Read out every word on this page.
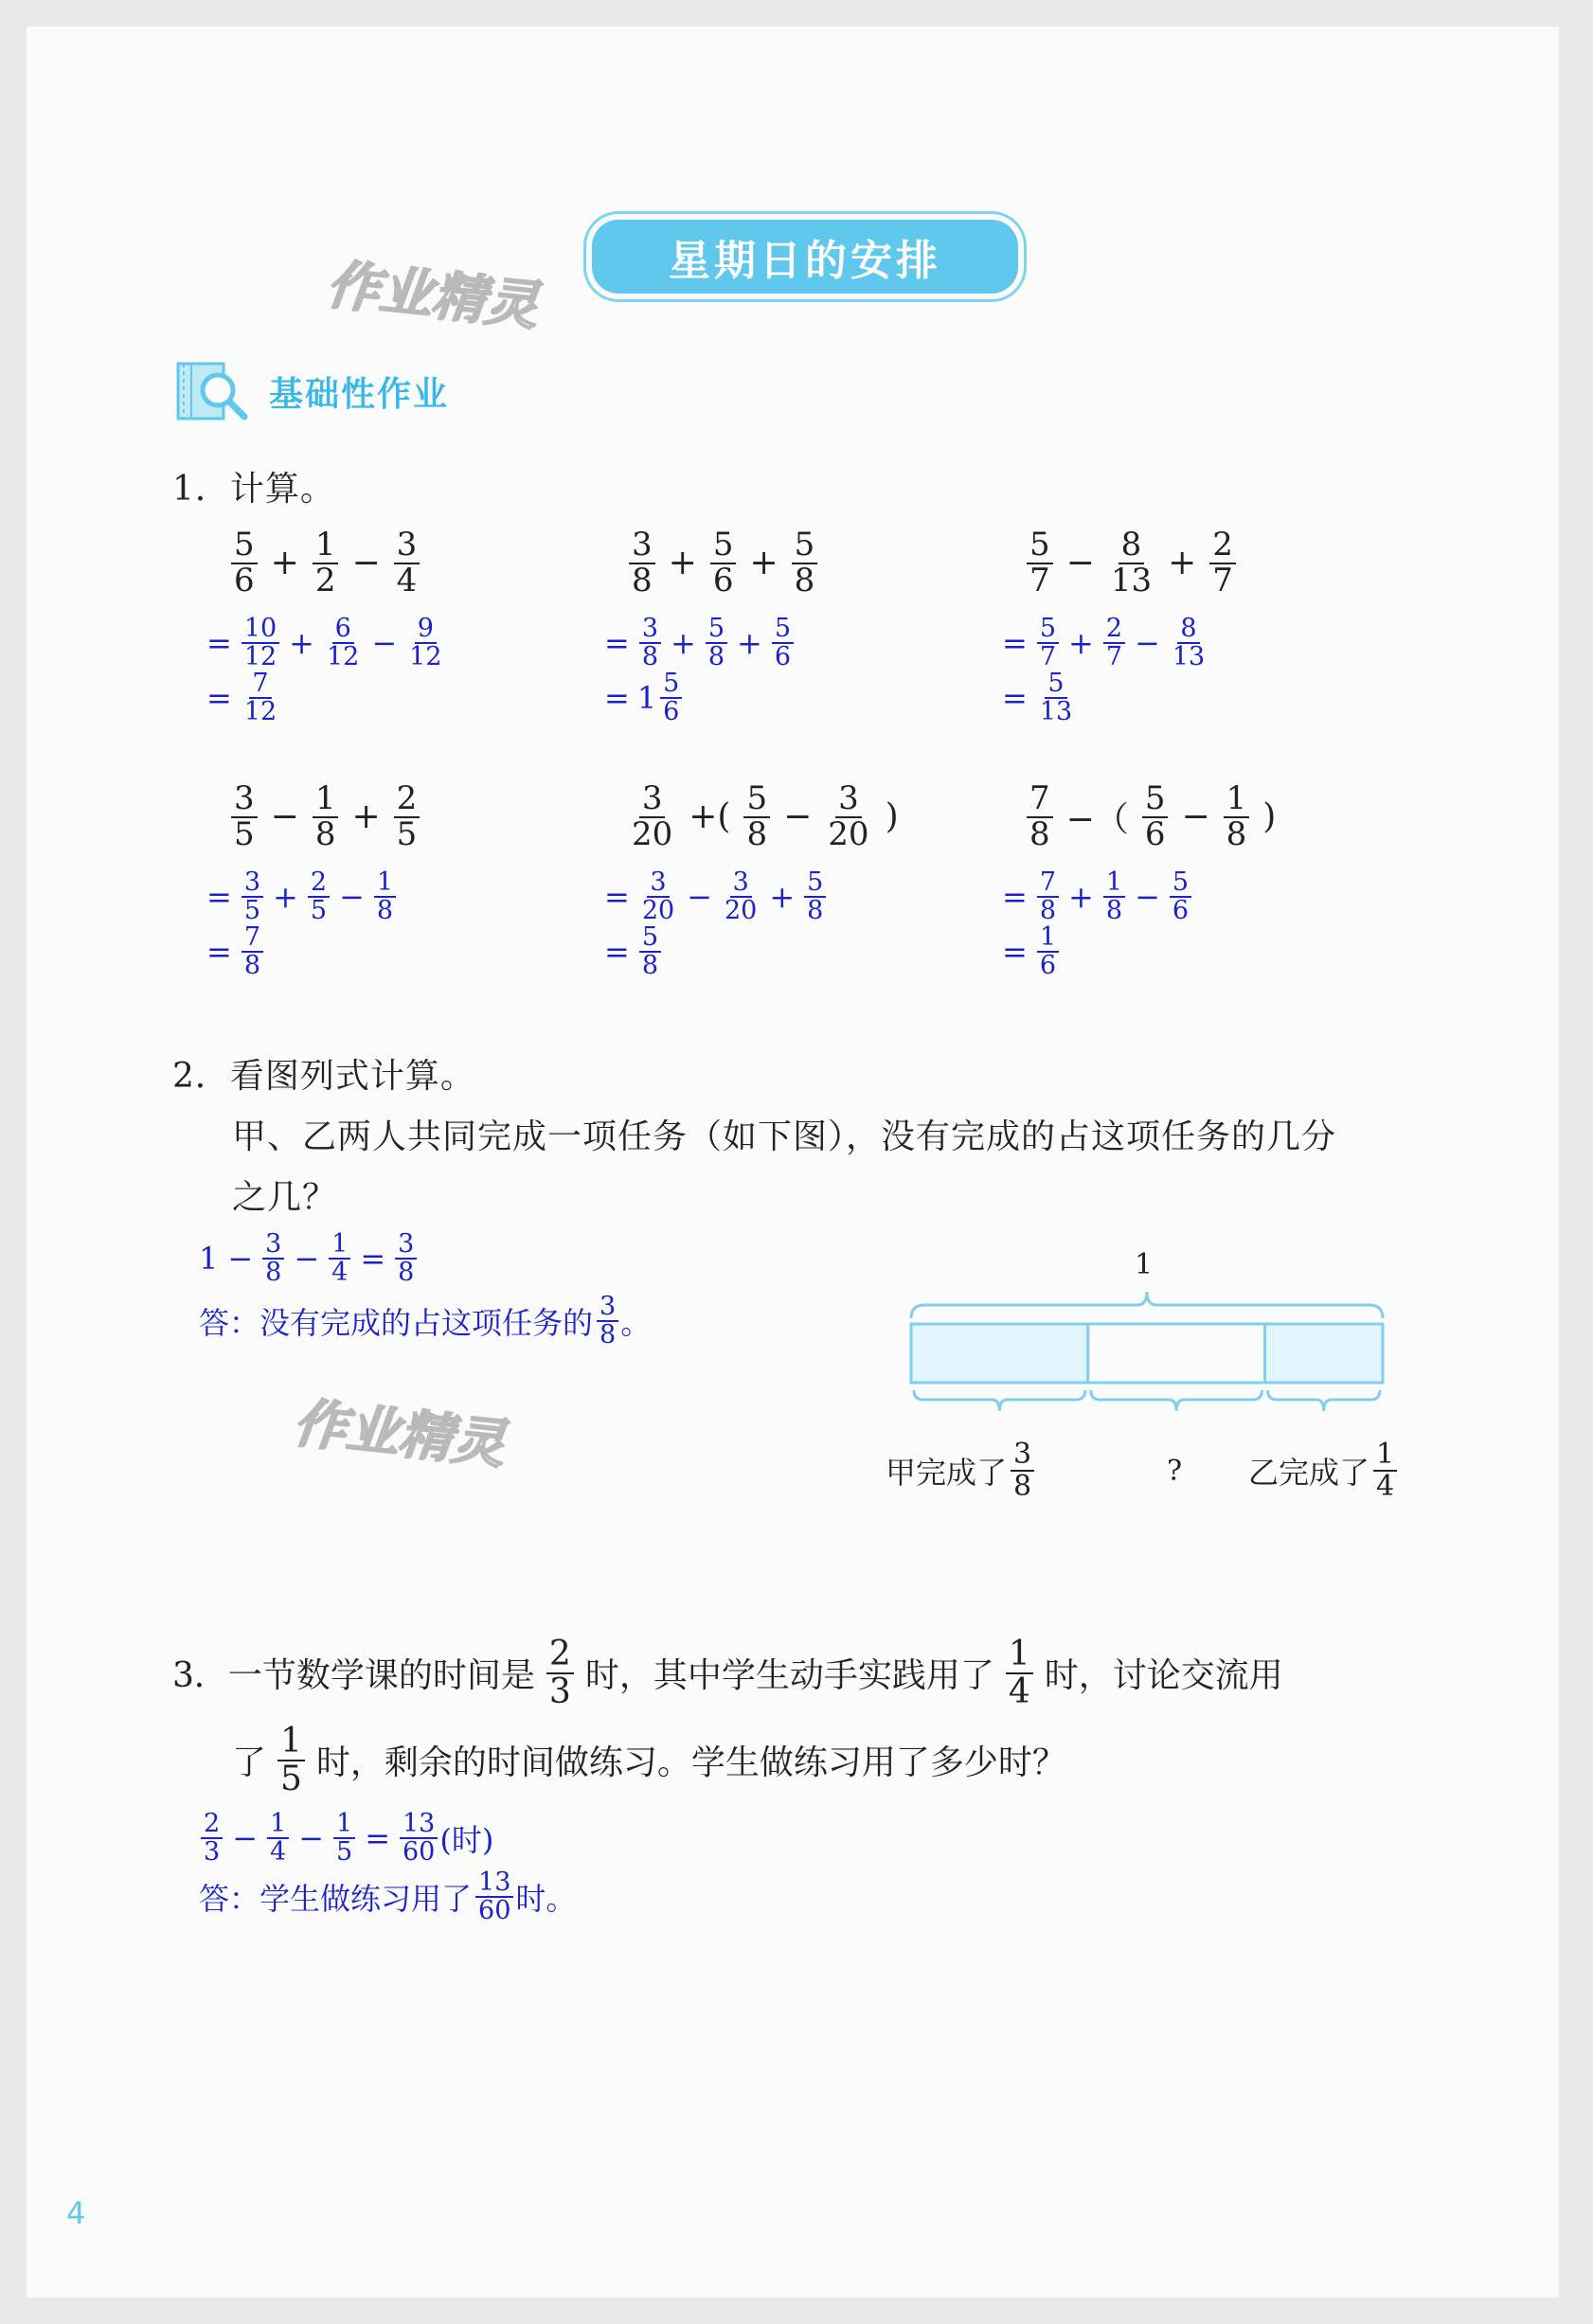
作业精灵	星期日的安排
基础性作业
1．计算。
$\frac{5}{6} + \frac{1}{2} - \frac{3}{4}$
= $\frac{10}{12} + \frac{6}{12} - \frac{9}{12}$
= $\frac{7}{12}$
$\frac{3}{8} + \frac{5}{6} + \frac{5}{8}$
= $\frac{3}{8} + \frac{5}{8} + \frac{5}{6}$
= $1 \frac{5}{6}$
$\frac{5}{7} - \frac{8}{13} + \frac{2}{7}$
= $\frac{5}{7} + \frac{2}{7} - \frac{8}{13}$
= $\frac{5}{13}$
$\frac{3}{5} - \frac{1}{8} + \frac{2}{5}$
= $\frac{3}{5} + \frac{2}{5} - \frac{1}{8}$
= $\frac{7}{8}$
$\frac{3}{20}$ +( $\frac{5}{8} - \frac{3}{20}$ )
= $\frac{3}{20} - \frac{3}{20} + \frac{5}{8}$
= $\frac{5}{8}$
$\frac{7}{8}$ −（ $\frac{5}{6} - \frac{1}{8}$ )
= $\frac{7}{8} + \frac{1}{8} - \frac{5}{6}$
= $\frac{1}{6}$
2．看图列式计算。
甲、乙两人共同完成一项任务（如下图），没有完成的占这项任务的几分
之几？
$1 - \frac{3}{8} - \frac{1}{4} = \frac{3}{8}$
答：没有完成的占这项任务的 $\frac{3}{8}$ 。
1
甲完成了 $\frac{3}{8}$	? 乙完成了 $\frac{1}{4}$
作业精灵
3．一节数学课的时间是 $\frac{2}{3}$ 时，其中学生动手实践用了 $\frac{1}{4}$ 时，讨论交流用
了 $\frac{1}{5}$ 时，剩余的时间做练习。学生做练习用了多少时？
$\frac{2}{3} - \frac{1}{4} - \frac{1}{5} = \frac{13}{60}$ (时)
答：学生做练习用了 $\frac{13}{60}$ 时。
4
